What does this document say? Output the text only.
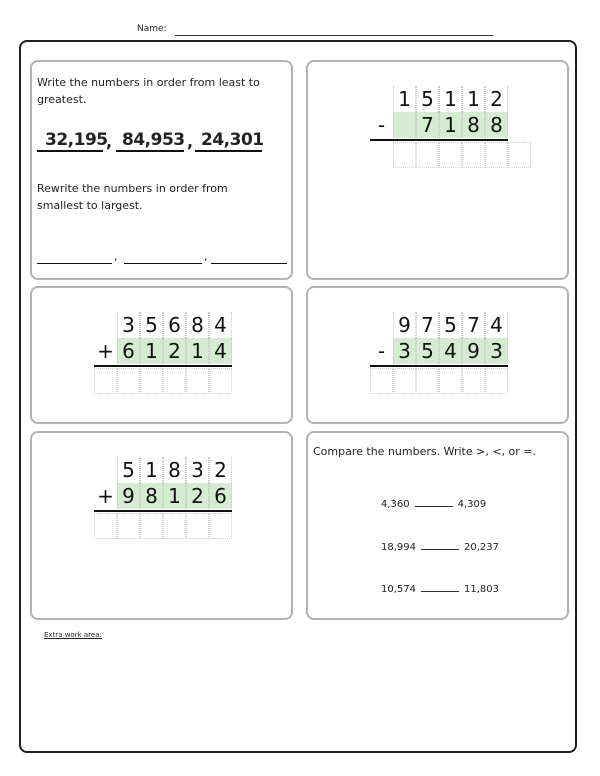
Name:
Write the numbers in order from least to greatest.
32,195
, 84,953 , 24,301
Rewrite the numbers in order from smallest to largest.
,	,
1 5 1 1 2
-	7 1 8 8
3 5 6 8 4
+ 6 1 2 1 4
9 7 5 7 4
- 3 5 4 9 3
5 1 8 3 2
+ 9 8 1 2 6
Compare the numbers. Write >, <, or =.
4,360	4,309
18,994	20,237
10,574	11,803
Extra work area:
